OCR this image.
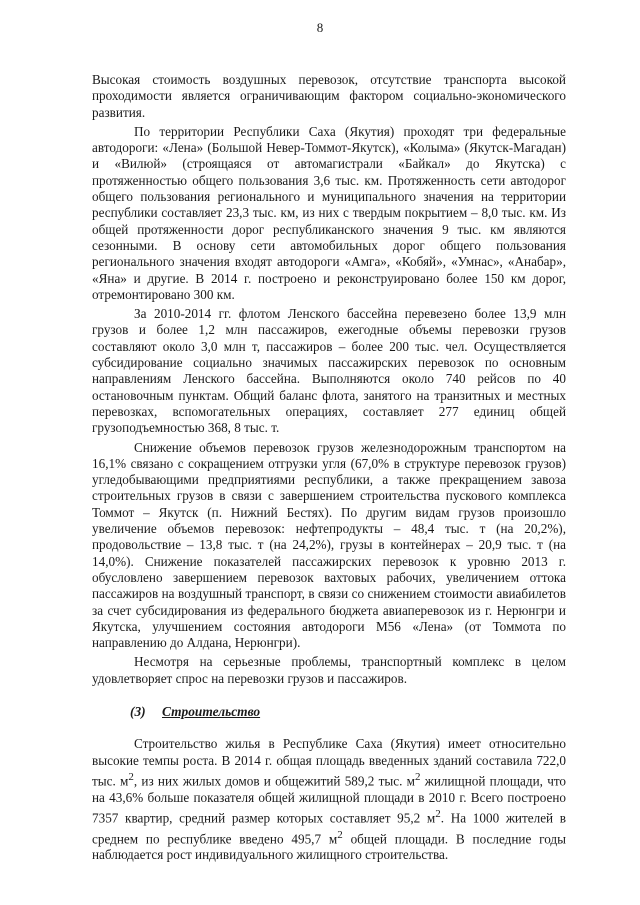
8

Высокая стоимость воздушных перевозок, отсутствие транспорта высокой проходимости является ограничивающим фактором социально-экономического развития.

По территории Республики Саха (Якутия) проходят три федеральные автодороги: «Лена» (Большой Невер-Томмот-Якутск), «Колыма» (Якутск-Магадан) и «Вилюй» (строящаяся от автомагистрали «Байкал» до Якутска) с протяженностью общего пользования 3,6 тыс. км. Протяженность сети автодорог общего пользования регионального и муниципального значения на территории республики составляет 23,3 тыс. км, из них с твердым покрытием – 8,0 тыс. км. Из общей протяженности дорог республиканского значения 9 тыс. км являются сезонными. В основу сети автомобильных дорог общего пользования регионального значения входят автодороги «Амга», «Кобяй», «Умнас», «Анабар», «Яна» и другие. В 2014 г. построено и реконструировано более 150 км дорог, отремонтировано 300 км.

За 2010-2014 гг. флотом Ленского бассейна перевезено более 13,9 млн грузов и более 1,2 млн пассажиров, ежегодные объемы перевозки грузов составляют около 3,0 млн т, пассажиров – более 200 тыс. чел. Осуществляется субсидирование социально значимых пассажирских перевозок по основным направлениям Ленского бассейна. Выполняются около 740 рейсов по 40 остановочным пунктам. Общий баланс флота, занятого на транзитных и местных перевозках, вспомогательных операциях, составляет 277 единиц общей грузоподъемностью 368, 8 тыс. т.

Снижение объемов перевозок грузов железнодорожным транспортом на 16,1% связано с сокращением отгрузки угля (67,0% в структуре перевозок грузов) угледобывающими предприятиями республики, а также прекращением завоза строительных грузов в связи с завершением строительства пускового комплекса Томмот – Якутск (п. Нижний Бестях). По другим видам грузов произошло увеличение объемов перевозок: нефтепродукты – 48,4 тыс. т (на 20,2%), продовольствие – 13,8 тыс. т (на 24,2%), грузы в контейнерах – 20,9 тыс. т (на 14,0%). Снижение показателей пассажирских перевозок к уровню 2013 г. обусловлено завершением перевозок вахтовых рабочих, увеличением оттока пассажиров на воздушный транспорт, в связи со снижением стоимости авиабилетов за счет субсидирования из федерального бюджета авиаперевозок из г. Нерюнгри и Якутска, улучшением состояния автодороги М56 «Лена» (от Томмота по направлению до Алдана, Нерюнгри).

Несмотря на серьезные проблемы, транспортный комплекс в целом удовлетворяет спрос на перевозки грузов и пассажиров.

(3) Строительство

Строительство жилья в Республике Саха (Якутия) имеет относительно высокие темпы роста. В 2014 г. общая площадь введенных зданий составила 722,0 тыс. $м^2$, из них жилых домов и общежитий 589,2 тыс. $м^2$ жилищной площади, что на 43,6% больше показателя общей жилищной площади в 2010 г. Всего построено 7357 квартир, средний размер которых составляет 95,2 $м^2$. На 1000 жителей в среднем по республике введено 495,7 $м^2$ общей площади. В последние годы наблюдается рост индивидуального жилищного строительства.
